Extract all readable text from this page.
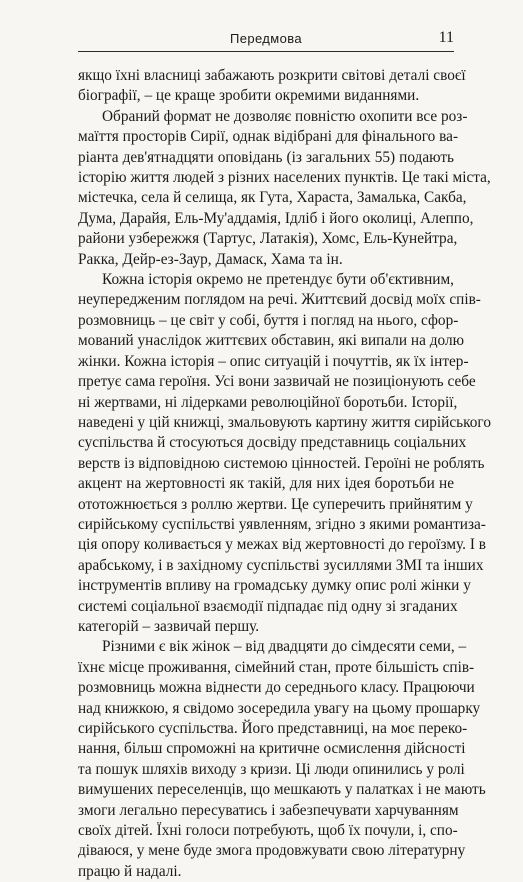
Передмова	11
якщо їхні власниці забажають розкрити світові деталі своєї
біографії, – це краще зробити окремими виданнями.
Обраний формат не дозволяє повністю охопити все роз-
маїття просторів Сирії, однак відібрані для фінального ва-
ріанта дев'ятнадцяти оповідань (із загальних 55) подають
історію життя людей з різних населених пунктів. Це такі міста,
містечка, села й селища, як Гута, Хараста, Замалька, Сакба,
Дума, Дарайя, Ель-Му'аддамія, Ідліб і його околиці, Алеппо,
райони узбережжя (Тартус, Латакія), Хомс, Ель-Кунейтра,
Ракка, Дейр-ез-Заур, Дамаск, Хама та ін.
Кожна історія окремо не претендує бути об'єктивним,
неупередженим поглядом на речі. Життєвий досвід моїх спів-
розмовниць – це світ у собі, буття і погляд на нього, сфор-
мований унаслідок життєвих обставин, які випали на долю
жінки. Кожна історія – опис ситуацій і почуттів, як їх інтер-
претує сама героїня. Усі вони зазвичай не позиціонують себе
ні жертвами, ні лідерками революційної боротьби. Історії,
наведені у цій книжці, змальовують картину життя сирійського
суспільства й стосуються досвіду представниць соціальних
верств із відповідною системою цінностей. Героїні не роблять
акцент на жертовності як такій, для них ідея боротьби не
ототожнюється з роллю жертви. Це суперечить прийнятим у
сирійському суспільстві уявленням, згідно з якими романтиза-
ція опору коливається у межах від жертовності до героїзму. І в
арабському, і в західному суспільстві зусиллями ЗМІ та інших
інструментів впливу на громадську думку опис ролі жінки у
системі соціальної взаємодії підпадає під одну зі згаданих
категорій – зазвичай першу.
Різними є вік жінок – від двадцяти до сімдесяти семи, –
їхнє місце проживання, сімейний стан, проте більшість спів-
розмовниць можна віднести до середнього класу. Працюючи
над книжкою, я свідомо зосередила увагу на цьому прошарку
сирійського суспільства. Його представниці, на моє переко-
нання, більш спроможні на критичне осмислення дійсності
та пошук шляхів виходу з кризи. Ці люди опинились у ролі
вимушених переселенців, що мешкають у палатках і не мають
змоги легально пересуватись і забезпечувати харчуванням
своїх дітей. Їхні голоси потребують, щоб їх почули, і, спо-
діваюся, у мене буде змога продовжувати свою літературну
працю й надалі.
